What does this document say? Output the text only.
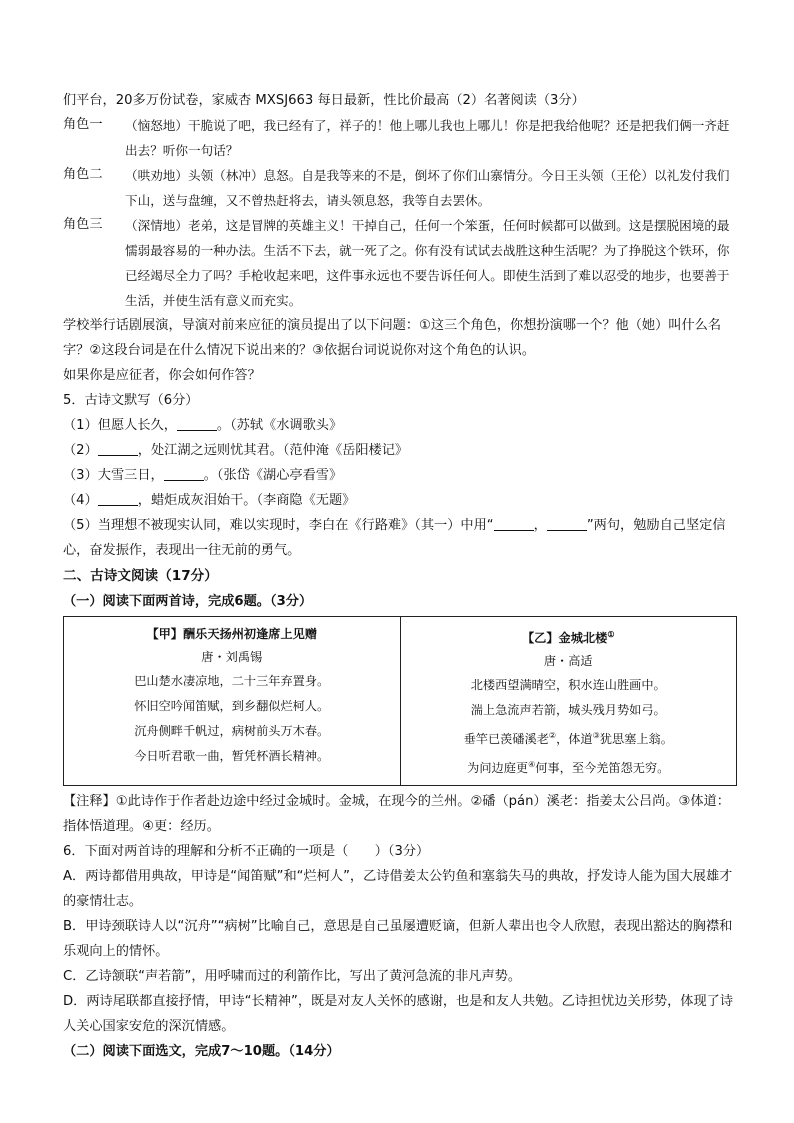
们平台，20多万份试卷，家威杏 MXSJ663 每日最新，性比价最高（2）名著阅读（3分）

角色一	（恼怒地）干脆说了吧，我已经有了，祥子的！他上哪儿我也上哪儿！你是把我给他呢？还是把我们俩一齐赶出去？听你一句话？

角色二	（哄劝地）头领（林冲）息怒。自是我等来的不是，倒坏了你们山寨情分。今日王头领（王伦）以礼发付我们下山，送与盘缠，又不曾热赶将去，请头领息怒，我等自去罢休。

角色三	（深情地）老弟，这是冒牌的英雄主义！干掉自己，任何一个笨蛋，任何时候都可以做到。这是摆脱困境的最懦弱最容易的一种办法。生活不下去，就一死了之。你有没有试试去战胜这种生活呢？为了挣脱这个铁环，你已经竭尽全力了吗？手枪收起来吧，这件事永远也不要告诉任何人。即使生活到了难以忍受的地步，也要善于生活，并使生活有意义而充实。

学校举行话剧展演，导演对前来应征的演员提出了以下问题：①这三个角色，你想扮演哪一个？他（她）叫什么名字？②这段台词是在什么情况下说出来的？③依据台词说说你对这个角色的认识。

如果你是应征者，你会如何作答？

5．古诗文默写（6分）

（1）但愿人长久，	。（苏轼《水调歌头》

（2）	，处江湖之远则忧其君。（范仲淹《岳阳楼记》

（3）大雪三日，	。（张岱《湖心亭看雪》

（4）	，蜡炬成灰泪始干。（李商隐《无题》

（5）当理想不被现实认同，难以实现时，李白在《行路难》（其一）中用“	，	”两句，勉励自己坚定信心，奋发振作，表现出一往无前的勇气。

二、古诗文阅读（17分）

（一）阅读下面两首诗，完成6题。（3分）

【甲】酬乐天扬州初逢席上见赠
唐・刘禹锡
巴山楚水凄凉地，二十三年弃置身。
怀旧空吟闻笛赋，到乡翻似烂柯人。
沉舟侧畔千帆过，病树前头万木春。
今日听君歌一曲，暂凭杯酒长精神。

【乙】金城北楼①
唐・高适
北楼西望满晴空，积水连山胜画中。
湍上急流声若箭，城头残月势如弓。
垂竿已羡磻溪老②，体道③犹思塞上翁。
为问边庭更④何事，至今羌笛怨无穷。

【注释】①此诗作于作者赴边途中经过金城时。金城，在现今的兰州。②磻（pán）溪老：指姜太公吕尚。③体道：指体悟道理。④更：经历。

6．下面对两首诗的理解和分析不正确的一项是（　　）（3分）

A．两诗都借用典故，甲诗是“闻笛赋”和“烂柯人”，乙诗借姜太公钓鱼和塞翁失马的典故，抒发诗人能为国大展雄才的豪情壮志。

B．甲诗颈联诗人以“沉舟”“病树”比喻自己，意思是自己虽屡遭贬谪，但新人辈出也令人欣慰，表现出豁达的胸襟和乐观向上的情怀。

C．乙诗颔联“声若箭”，用呼啸而过的利箭作比，写出了黄河急流的非凡声势。

D．两诗尾联都直接抒情，甲诗“长精神”，既是对友人关怀的感谢，也是和友人共勉。乙诗担忧边关形势，体现了诗人关心国家安危的深沉情感。

（二）阅读下面选文，完成7～10题。（14分）
